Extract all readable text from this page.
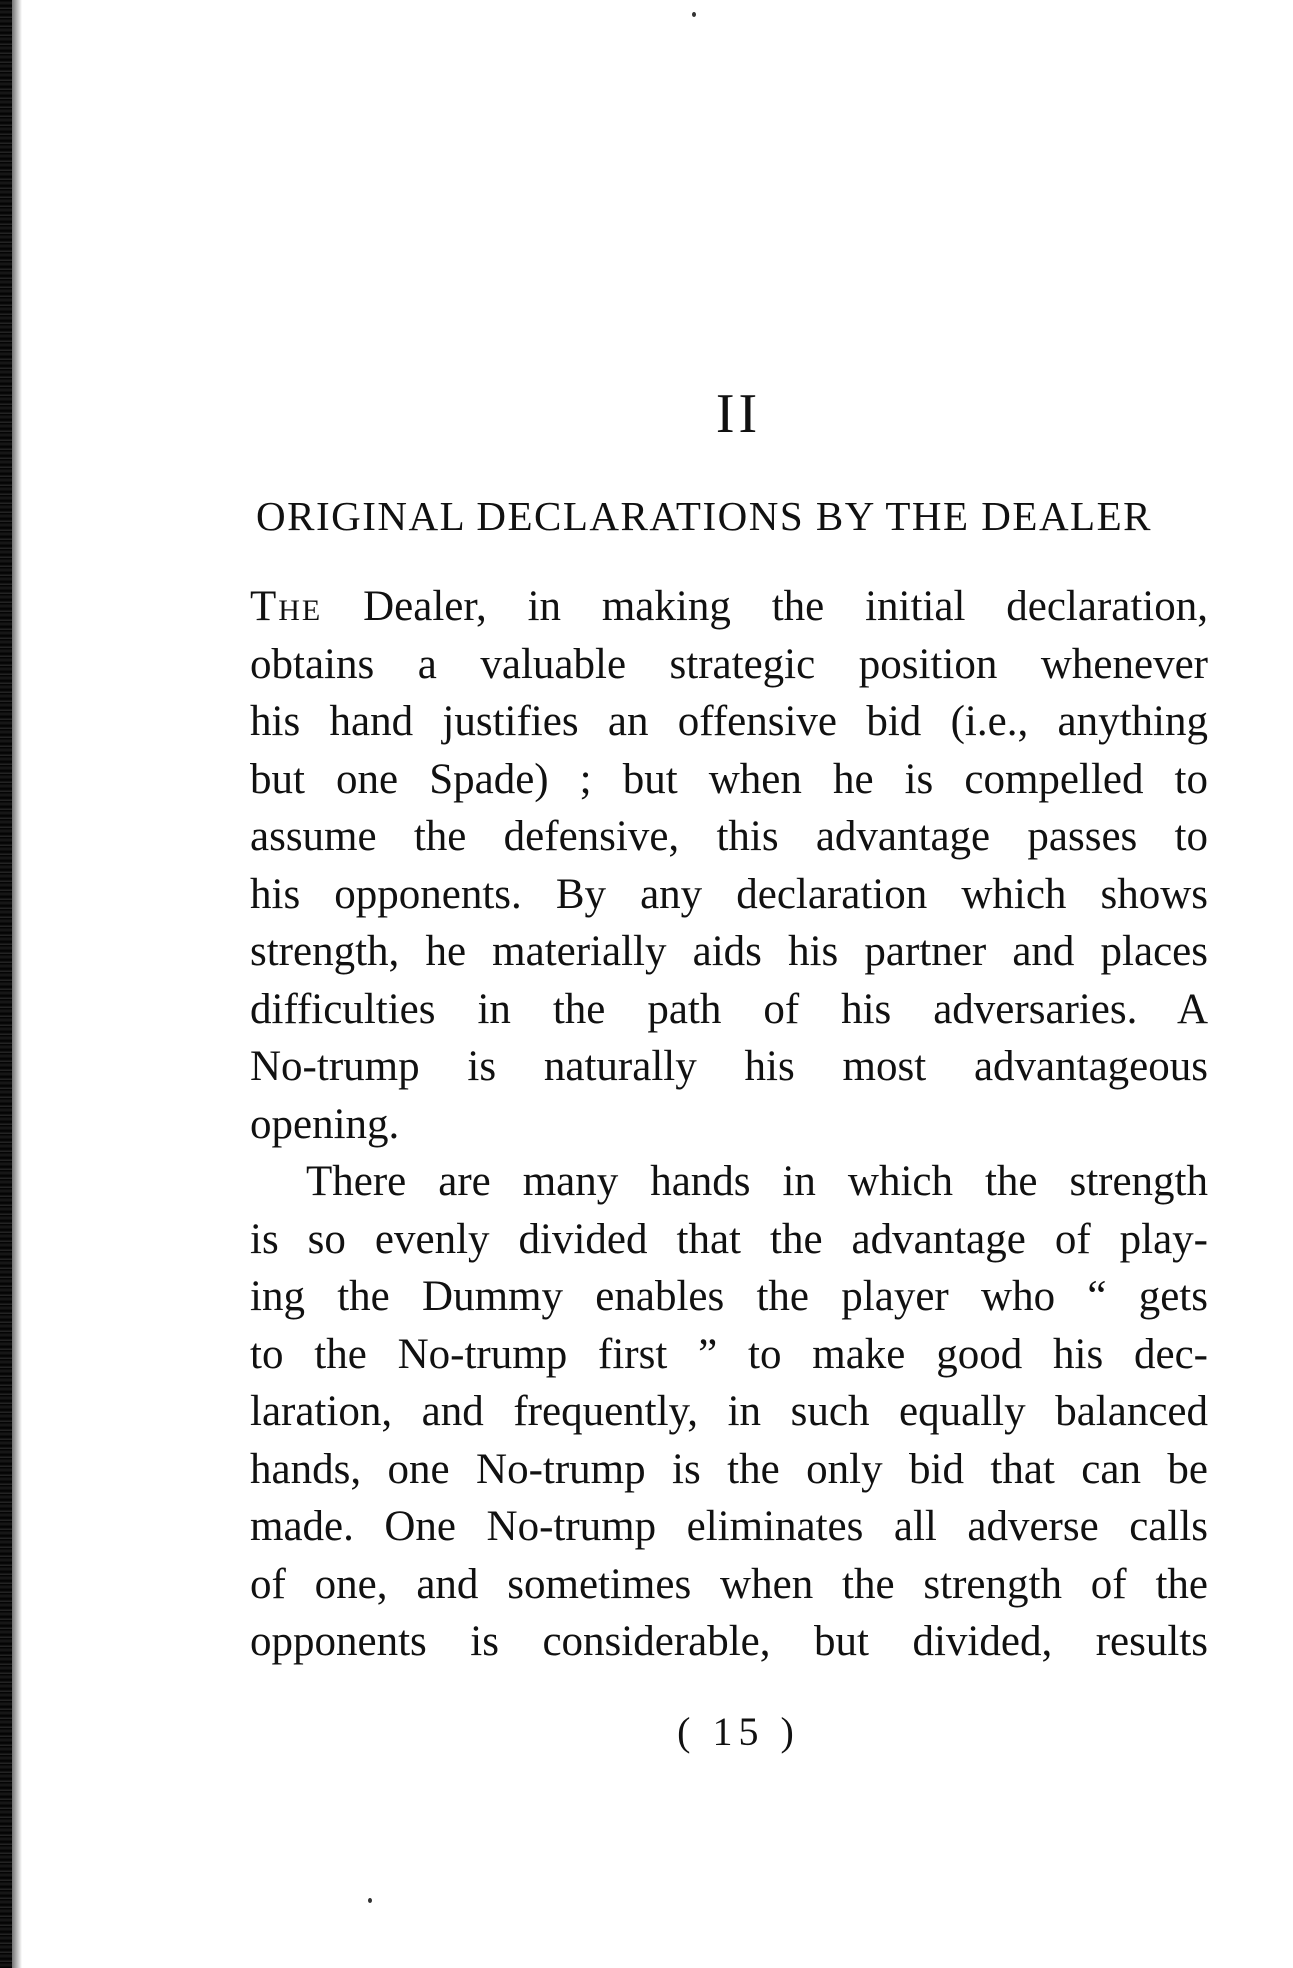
II
ORIGINAL DECLARATIONS BY THE DEALER
The Dealer, in making the initial declaration,
obtains a valuable strategic position whenever
his hand justifies an offensive bid (i.e., anything
but one Spade) ; but when he is compelled to
assume the defensive, this advantage passes to
his opponents. By any declaration which shows
strength, he materially aids his partner and places
difficulties in the path of his adversaries. A
No-trump is naturally his most advantageous
opening.
There are many hands in which the strength
is so evenly divided that the advantage of play-
ing the Dummy enables the player who “ gets
to the No-trump first ” to make good his dec-
laration, and frequently, in such equally balanced
hands, one No-trump is the only bid that can be
made. One No-trump eliminates all adverse calls
of one, and sometimes when the strength of the
opponents is considerable, but divided, results
( 15 )
